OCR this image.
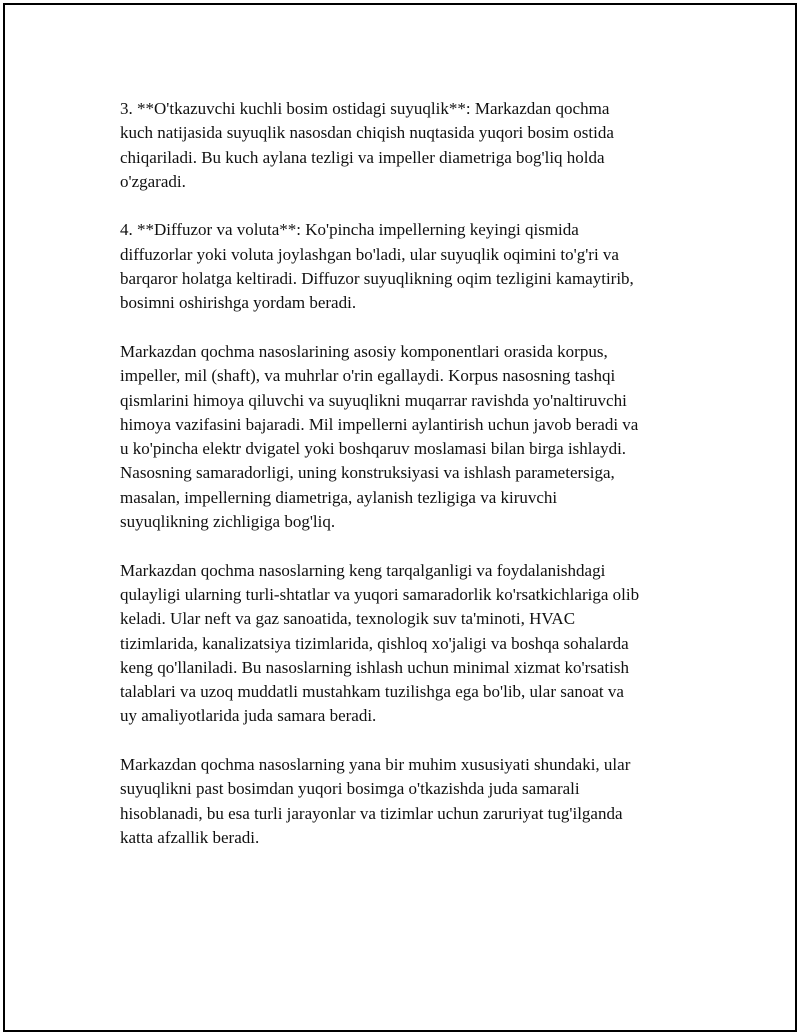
3. **O'tkazuvchi kuchli bosim ostidagi suyuqlik**: Markazdan qochma
kuch natijasida suyuqlik nasosdan chiqish nuqtasida yuqori bosim ostida
chiqariladi. Bu kuch aylana tezligi va impeller diametriga bog'liq holda
o'zgaradi.

4. **Diffuzor va voluta**: Ko'pincha impellerning keyingi qismida
diffuzorlar yoki voluta joylashgan bo'ladi, ular suyuqlik oqimini to'g'ri va
barqaror holatga keltiradi. Diffuzor suyuqlikning oqim tezligini kamaytirib,
bosimni oshirishga yordam beradi.

Markazdan qochma nasoslarining asosiy komponentlari orasida korpus,
impeller, mil (shaft), va muhrlar o'rin egallaydi. Korpus nasosning tashqi
qismlarini himoya qiluvchi va suyuqlikni muqarrar ravishda yo'naltiruvchi
himoya vazifasini bajaradi. Mil impellerni aylantirish uchun javob beradi va
u ko'pincha elektr dvigatel yoki boshqaruv moslamasi bilan birga ishlaydi.
Nasosning samaradorligi, uning konstruksiyasi va ishlash parametersiga,
masalan, impellerning diametriga, aylanish tezligiga va kiruvchi
suyuqlikning zichligiga bog'liq.

Markazdan qochma nasoslarning keng tarqalganligi va foydalanishdagi
qulayligi ularning turli-shtatlar va yuqori samaradorlik ko'rsatkichlariga olib
keladi. Ular neft va gaz sanoatida, texnologik suv ta'minoti, HVAC
tizimlarida, kanalizatsiya tizimlarida, qishloq xo'jaligi va boshqa sohalarda
keng qo'llaniladi. Bu nasoslarning ishlash uchun minimal xizmat ko'rsatish
talablari va uzoq muddatli mustahkam tuzilishga ega bo'lib, ular sanoat va
uy amaliyotlarida juda samara beradi.

Markazdan qochma nasoslarning yana bir muhim xususiyati shundaki, ular
suyuqlikni past bosimdan yuqori bosimga o'tkazishda juda samarali
hisoblanadi, bu esa turli jarayonlar va tizimlar uchun zaruriyat tug'ilganda
katta afzallik beradi.
